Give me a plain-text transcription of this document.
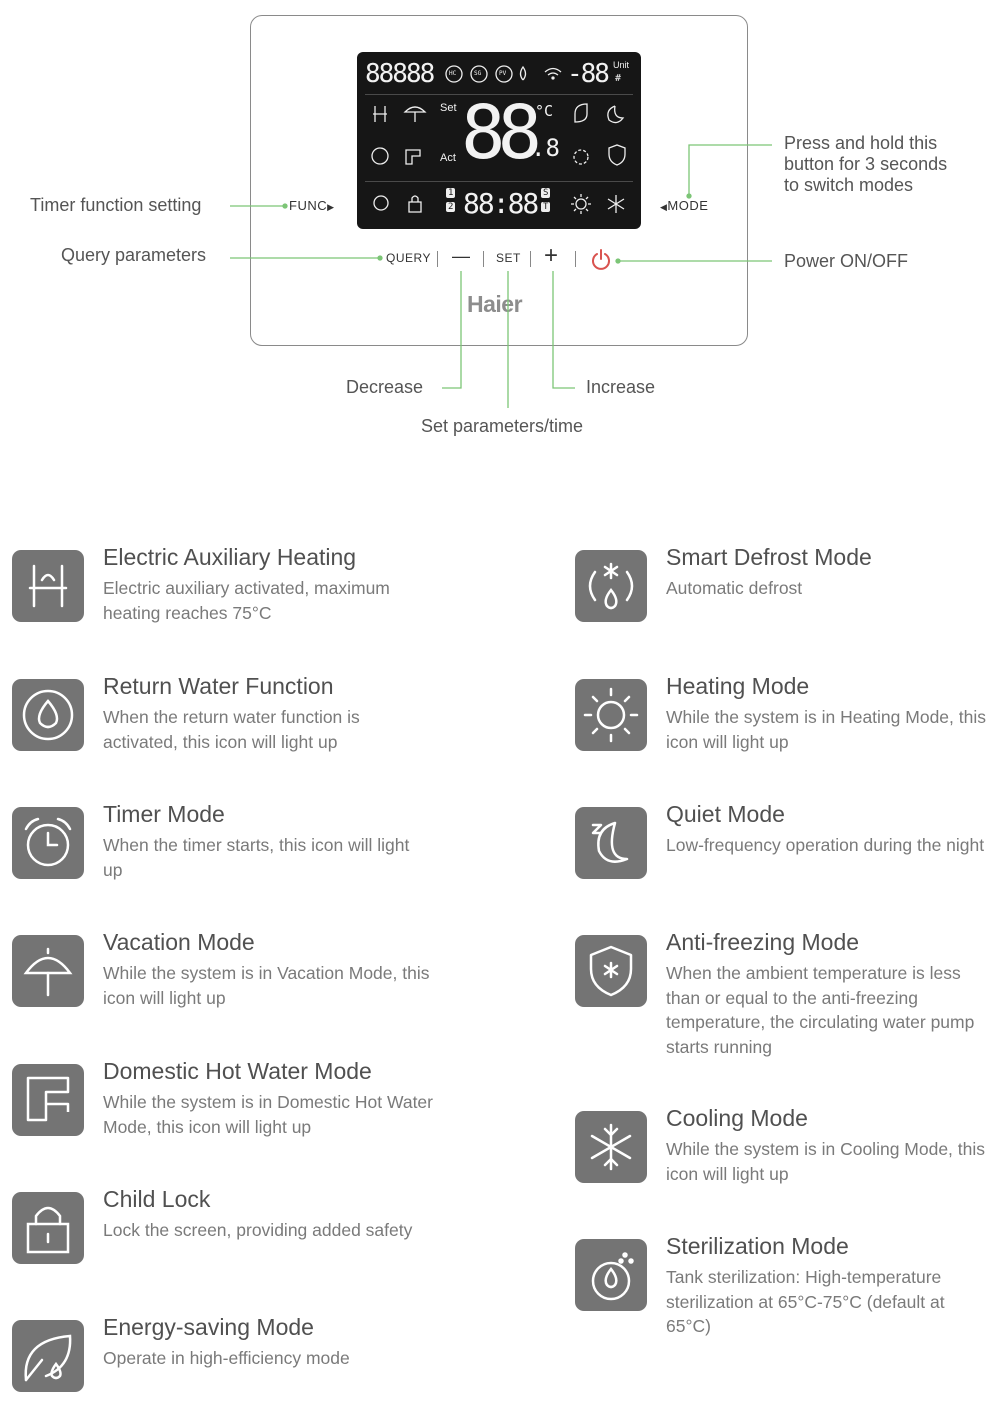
88888	HC	SG	PV -88 Unit
#
Set
Act 88 °C
.8
1
2 88:88 S
T
FUNC▶	◀MODE
QUERY — SET +
Haier
Timer function setting
Query parameters
Press and hold this
button for 3 seconds
to switch modes
Power ON/OFF
Decrease	Increase
Set parameters/time
Electric Auxiliary Heating
Electric auxiliary activated, maximum heating reaches 75°C
Return Water Function
When the return water function is activated, this icon will light up
Timer Mode
When the timer starts, this icon will light up
Vacation Mode
While the system is in Vacation Mode, this icon will light up
Domestic Hot Water Mode
While the system is in Domestic Hot Water Mode, this icon will light up
Child Lock
Lock the screen, providing added safety
Energy-saving Mode
Operate in high-efficiency mode
Smart Defrost Mode
Automatic defrost
Heating Mode
While the system is in Heating Mode, this icon will light up
Quiet Mode
Low-frequency operation during the night
Anti-freezing Mode
When the ambient temperature is less than or equal to the anti-freezing temperature, the circulating water pump starts running
Cooling Mode
While the system is in Cooling Mode, this icon will light up
Sterilization Mode
Tank sterilization: High-temperature sterilization at 65°C-75°C (default at 65°C)
